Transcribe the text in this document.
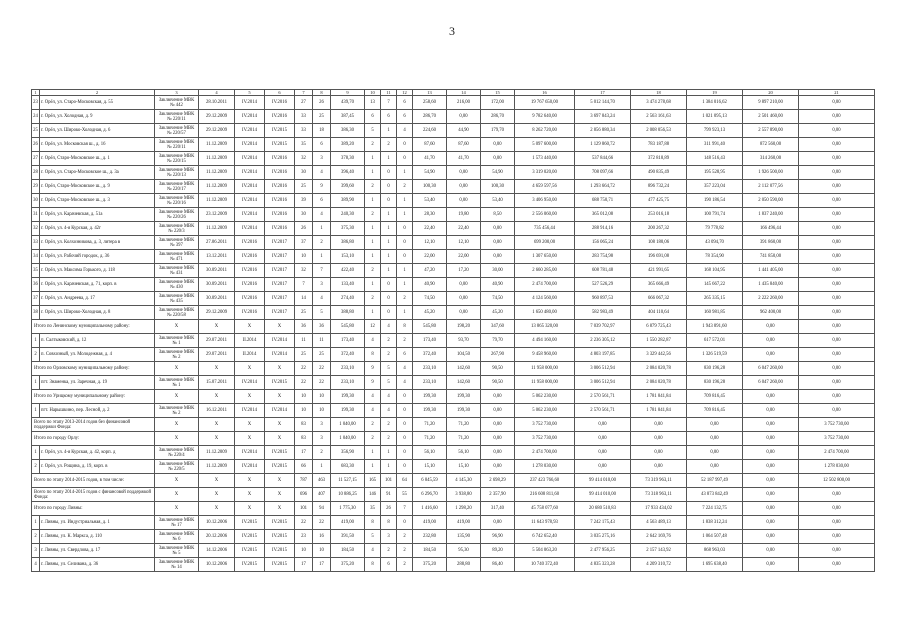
3
1	2	3	4	5	6	7	8	9	10	11	12	13	14	15	16	17	18	19	20	21
23	г. Орёл, ул. Старо-Московская, д. 55	Заключение МВК № 442	28.10.2011	IV.2014	IV.2016	27	26	439,70	13	7	6	258,60	216,00	172,00	19 767 650,00	5 012 144,70	3 474 278,68	1 384 016,62	9 897 210,00	0,00
24	г. Орёл, ул. Холодная, д. 9	Заключение МВК № 220/11	29.12.2009	IV.2014	IV.2016	33	25	387,45	6	6	6	286,70	0,00	286,70	9 782 640,00	3 697 843,24	2 563 161,63	1 021 095,13	2 501 460,00	0,00
25	г. Орёл, ул. Широко-Холодная, д. 6	Заключение МВК № 220/57	29.12.2009	IV.2014	IV.2015	33	18	386,30	5	1	4	224,60	44,90	179,70	8 262 720,00	2 856 880,34	2 008 056,53	799 923,13	2 557 890,00	0,00
26	г. Орёл, ул. Московская ш., д. 16	Заключение МВК № 220/11	11.12.2009	IV.2014	IV.2015	35	6	389,20	2	2	0	87,60	87,60	0,00	5 097 600,00	1 129 860,72	783 187,88	311 991,40	872 560,00	0,00
27	г. Орёл, Старо-Московское ш., д. 1	Заключение МВК № 220/15	11.12.2009	IV.2014	IV.2016	32	3	378,30	1	1	0	41,70	41,70	0,00	1 573 440,00	537 844,66	372 818,89	148 516,43	314 260,00	0,00
28	г. Орёл, ул. Старо-Московское ш., д. 3а	Заключение МВК № 220/13	11.12.2009	IV.2014	IV.2016	30	4	396,40	1	0	1	54,90	0,00	54,90	3 319 020,00	708 097,66	490 835,49	195 528,95	1 926 500,00	0,00
29	г. Орёл, Старо-Московское ш., д. 9	Заключение МВК № 220/17	11.12.2009	IV.2014	IV.2016	25	9	399,60	2	0	2	100,30	0,00	100,30	4 659 597,56	1 293 664,72	896 732,24	357 223,04	2 112 077,56	0,00
30	г. Орёл, Старо-Московское ш., д. 3	Заключение МВК № 220/16	11.12.2009	IV.2014	IV.2016	39	6	389,90	1	0	1	53,40	0,00	53,40	3 406 950,00	688 750,71	477 425,75	190 186,54	2 050 590,00	0,00
31	г. Орёл, ул. Карачевская, д. 51а	Заключение МВК № 220/26	23.12.2009	IV.2014	IV.2016	30	4	240,30	2	1	1	28,30	19,80	8,50	2 556 060,00	365 012,08	253 016,18	100 791,74	1 837 240,00	0,00
32	г. Орёл, ул. 4-я Курская, д. 42г	Заключение МВК № 220/3	11.12.2009	IV.2014	IV.2016	26	1	375,30	1	1	0	22,40	22,40	0,00	735 456,44	288 914,16	200 267,32	79 778,82	166 496,44	0,00
33	г. Орёл, ул. Колхозникова, д. 3, литера в	Заключение МВК № 397	27.06.2011	IV.2016	IV.2017	37	2	386,80	1	1	0	12,10	12,10	0,00	699 200,00	156 065,24	108 180,06	43 094,70	391 860,00	0,00
34	г. Орёл, ул. Рабочий городок, д. 36	Заключение МВК № 471	13.12.2011	IV.2016	IV.2017	10	1	153,10	1	1	0	22,00	22,00	0,00	1 307 650,00	283 754,98	196 691,08	78 354,90	741 850,00	0,00
35	г. Орёл, ул. Максима Горького, д. 118	Заключение МВК № 431	30.09.2011	IV.2016	IV.2017	32	7	422,40	2	1	1	47,20	17,20	30,00	2 660 285,00	608 781,48	421 991,65	168 104,95	1 441 405,00	0,00
36	г. Орёл, ул. Карачевская, д. 71, корп. в	Заключение МВК № 430	30.09.2011	IV.2016	IV.2017	7	3	133,40	1	0	1	40,90	0,00	40,90	2 474 700,00	527 526,29	365 666,49	145 667,22	1 435 840,00	0,00
37	г. Орёл, ул. Андреева, д. 17	Заключение МВК № 435	30.09.2011	IV.2016	IV.2017	14	4	274,40	2	0	2	74,50	0,00	74,50	4 124 560,00	960 897,53	666 067,32	265 335,15	2 222 260,00	0,00
38	г. Орёл, ул. Широко-Холодная, д. 8	Заключение МВК № 220/58	29.12.2009	IV.2016	IV.2017	25	5	388,80	1	0	1	45,20	0,00	45,20	1 650 480,00	582 983,49	404 110,64	160 981,85	962 400,00	0,00
Итого по Ленинскому муниципальному району:		X	X	X	X	36	36	545,80	12	4	8	545,80	198,20	347,60	13 865 320,00	7 039 702,97	6 879 725,43	1 943 891,60	0,00	0,00
1	п. Салтыковский, д. 12	Заключение МВК № 1	29.07.2011	II.2014	IV.2014	11	11	173,40	4	2	2	173,40	93,70	79,70	4 494 160,00	2 236 305,12	1 550 282,87	617 572,01	0,00	0,00
2	п. Совхозный, ул. Молодежная, д. 4	Заключение МВК № 2	29.07.2011	II.2014	IV.2014	25	25	372,40	8	2	6	372,40	104,50	267,90	9 458 960,00	4 803 197,85	3 329 442,56	1 326 519,59	0,00	0,00
Итого по Орловскому муниципальному району:		X	X	X	X	22	22	233,10	9	5	4	233,10	142,60	90,50	11 958 000,00	3 006 512,94	2 084 020,78	830 196,28	6 047 260,00	0,00
1	пгт. Знаменка, ул. Заречная, д. 19	Заключение МВК № 1	15.07.2011	IV.2014	IV.2015	22	22	233,10	9	5	4	233,10	142,60	90,50	11 958 000,00	3 006 512,94	2 084 020,78	830 196,28	6 047 260,00	0,00
Итого по Урицкому муниципальному району:		X	X	X	X	10	10	199,30	4	4	0	199,30	199,30	0,00	5 062 230,00	2 570 561,71	1 781 841,84	709 816,45	0,00	0,00
1	пгт. Нарышкино, пер. Лесной, д. 2	Заключение МВК № 2	16.12.2011	IV.2014	IV.2014	10	10	199,30	4	4	0	199,30	199,30	0,00	5 062 230,00	2 570 561,71	1 781 841,84	709 816,45	0,00	0,00
Всего по этапу 2013-2014 годов без финансовой поддержки Фонда:		X	X	X	X	83	3	1 040,00	2	2	0	71,20	71,20	0,00	3 752 730,00	0,00	0,00	0,00	0,00	3 752 730,00
Итого по городу Орлу:		X	X	X	X	83	3	1 040,00	2	2	0	71,20	71,20	0,00	3 752 730,00	0,00	0,00	0,00	0,00	3 752 730,00
1	г. Орёл, ул. 4-я Курская, д. 42, корп. д	Заключение МВК № 220/4	11.12.2009	IV.2014	IV.2015	17	2	356,90	1	1	0	56,10	56,10	0,00	2 474 700,00	0,00	0,00	0,00	0,00	2 474 700,00
2	г. Орёл, ул. Рощина, д. 19, корп. в	Заключение МВК № 220/5	11.12.2009	IV.2014	IV.2015	66	1	683,30	1	1	0	15,10	15,10	0,00	1 278 030,00	0,00	0,00	0,00	0,00	1 278 030,00
Всего по этапу 2014-2015 годов, в том числе:		X	X	X	X	787	463	11 527,15	165	101	64	6 845,59	4 145,30	2 698,29	237 423 766,60	99 414 010,00	73 319 963,11	52 187 997,49	0,00	12 502 800,00
Всего по этапу 2014-2015 годов с финансовой поддержкой Фонда:		X	X	X	X	696	407	10 886,25	146	91	55	6 296,70	3 938,80	2 357,90	216 608 811,60	99 414 010,00	73 318 963,11	43 873 842,49	0,00	0,00
Итого по городу Ливны:		X	X	X	X	101	94	1 775,30	35	26	7	1 416,60	1 298,20	317,40	45 758 077,60	20 680 510,83	17 933 434,02	7 224 132,75	0,00	0,00
1	г. Ливны, ул. Индустриальная, д. 1	Заключение МВК № 17	10.12.2006	IV.2015	IV.2015	22	22	419,00	8	8	0	419,00	419,00	0,00	11 643 978,93	7 242 175,43	4 563 489,13	1 838 312,24	0,00	0,00
2	г. Ливны, ул. К. Маркса, д. 110	Заключение МВК № 6	20.12.2006	IV.2015	IV.2015	23	16	391,50	5	3	2	232,80	135,90	96,90	6 742 652,40	3 035 275,16	2 642 169,76	1 064 507,48	0,00	0,00
3	г. Ливны, ул. Свердлова, д. 17	Заключение МВК № 5	14.12.2006	IV.2015	IV.2015	10	10	184,50	4	2	2	184,50	95,30	89,20	5 504 063,20	2 477 956,25	2 157 143,92	868 963,03	0,00	0,00
4	г. Ливны, ул. Селивана, д. 36	Заключение МВК № 14	10.12.2006	IV.2015	IV.2015	17	17	375,20	8	6	2	375,20	288,80	86,40	10 740 372,40	4 835 323,28	4 209 310,72	1 695 638,40	0,00	0,00
